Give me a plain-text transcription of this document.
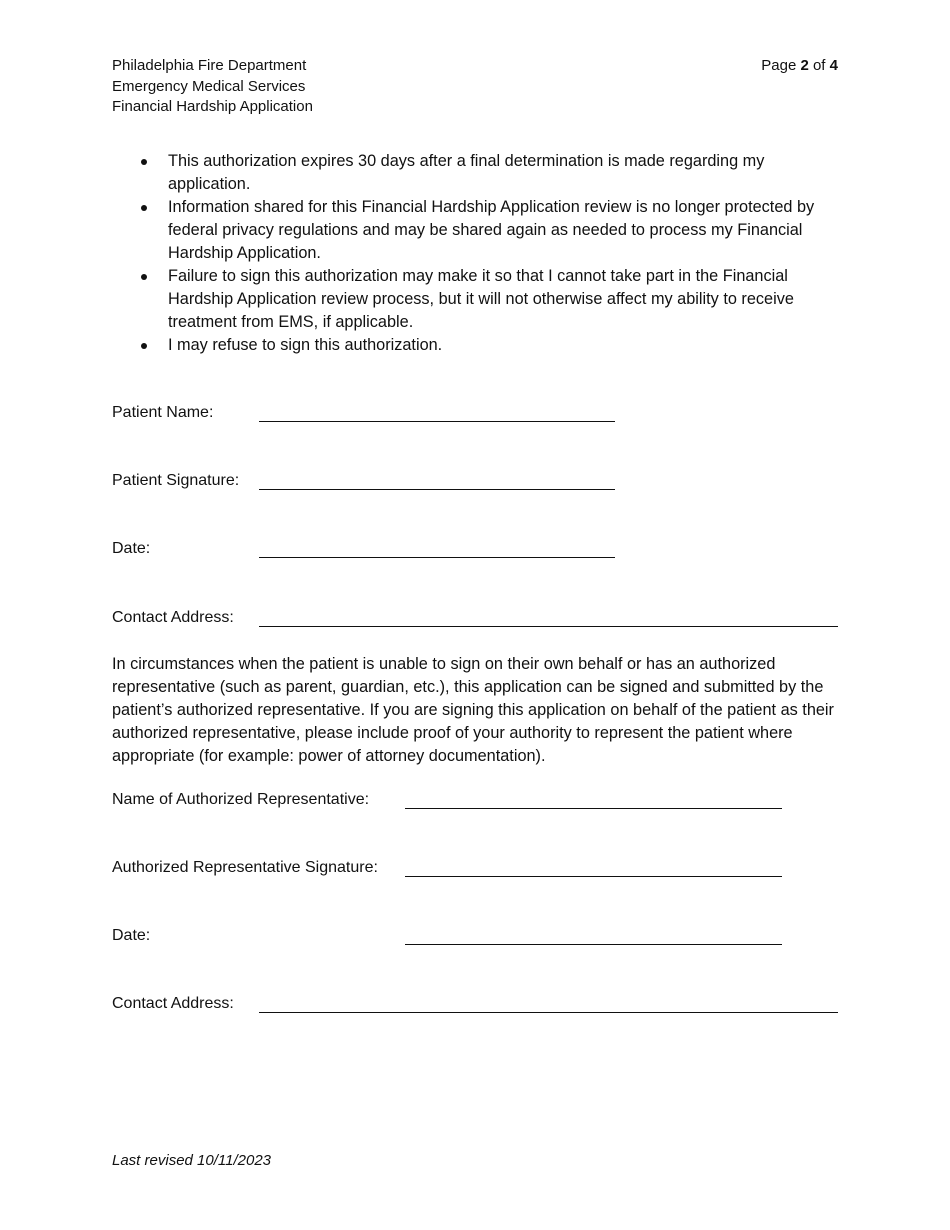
Philadelphia Fire Department
Emergency Medical Services
Financial Hardship Application
Page 2 of 4
This authorization expires 30 days after a final determination is made regarding my application.
Information shared for this Financial Hardship Application review is no longer protected by federal privacy regulations and may be shared again as needed to process my Financial Hardship Application.
Failure to sign this authorization may make it so that I cannot take part in the Financial Hardship Application review process, but it will not otherwise affect my ability to receive treatment from EMS, if applicable.
I may refuse to sign this authorization.
Patient Name:
Patient Signature:
Date:
Contact Address:

In circumstances when the patient is unable to sign on their own behalf or has an authorized representative (such as parent, guardian, etc.), this application can be signed and submitted by the patient’s authorized representative. If you are signing this application on behalf of the patient as their authorized representative, please include proof of your authority to represent the patient where appropriate (for example: power of attorney documentation).

Name of Authorized Representative:
Authorized Representative Signature:
Date:
Contact Address:
Last revised 10/11/2023
